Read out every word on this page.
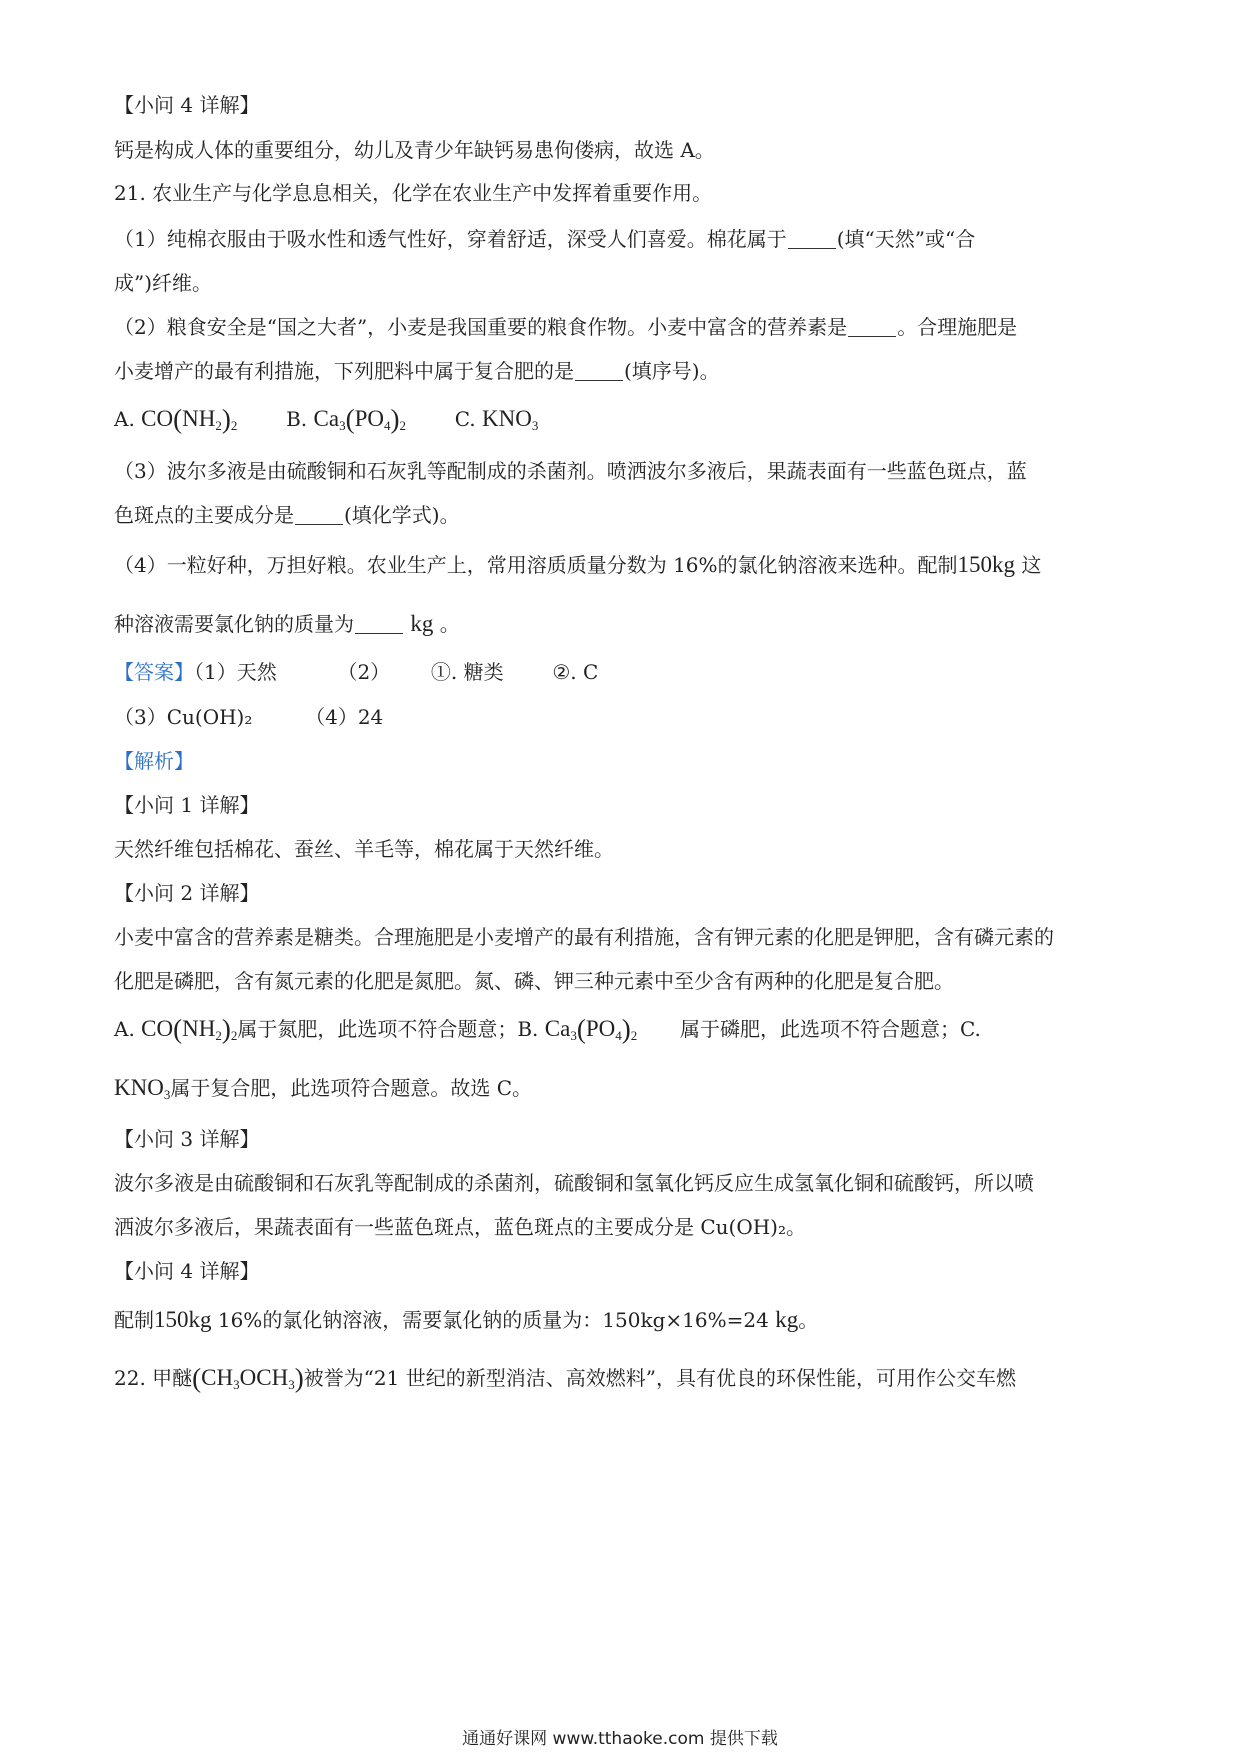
【小问 4 详解】
钙是构成人体的重要组分，幼儿及青少年缺钙易患佝偻病，故选 A。
21. 农业生产与化学息息相关，化学在农业生产中发挥着重要作用。
（1）纯棉衣服由于吸水性和透气性好，穿着舒适，深受人们喜爱。棉花属于	(填“天然”或“合
成”)纤维。
（2）粮食安全是“国之大者”，小麦是我国重要的粮食作物。小麦中富含的营养素是	。合理施肥是
小麦增产的最有利措施，下列肥料中属于复合肥的是	(填序号)。
A. $CO(NH_2)_2$ B. $Ca_3(PO_4)_2$ C. $KNO_3$
（3）波尔多液是由硫酸铜和石灰乳等配制成的杀菌剂。喷洒波尔多液后，果蔬表面有一些蓝色斑点，蓝
色斑点的主要成分是	(填化学式)。
（4）一粒好种，万担好粮。农业生产上，常用溶质质量分数为 16%的氯化钠溶液来选种。配制150kg 这
种溶液需要氯化钠的质量为 kg 。
【答案】（1）天然	（2） ①. 糖类 ②. C
（3）Cu(OH)₂	（4）24
【解析】
【小问 1 详解】
天然纤维包括棉花、蚕丝、羊毛等，棉花属于天然纤维。
【小问 2 详解】
小麦中富含的营养素是糖类。合理施肥是小麦增产的最有利措施，含有钾元素的化肥是钾肥，含有磷元素的
化肥是磷肥，含有氮元素的化肥是氮肥。氮、磷、钾三种元素中至少含有两种的化肥是复合肥。
A. $CO(NH_2)_2$属于氮肥，此选项不符合题意；B. $Ca_3(PO_4)_2$ 属于磷肥，此选项不符合题意；C.
$KNO_3$属于复合肥，此选项符合题意。故选 C。
【小问 3 详解】
波尔多液是由硫酸铜和石灰乳等配制成的杀菌剂，硫酸铜和氢氧化钙反应生成氢氧化铜和硫酸钙，所以喷
洒波尔多液后，果蔬表面有一些蓝色斑点，蓝色斑点的主要成分是 Cu(OH)₂。
【小问 4 详解】
配制150kg 16%的氯化钠溶液，需要氯化钠的质量为：150kg×16%=24 kg。
22. 甲醚$(CH_3OCH_3)$被誉为“21 世纪的新型消洁、高效燃料”，具有优良的环保性能，可用作公交车燃
通通好课网 www.tthaoke.com 提供下载
